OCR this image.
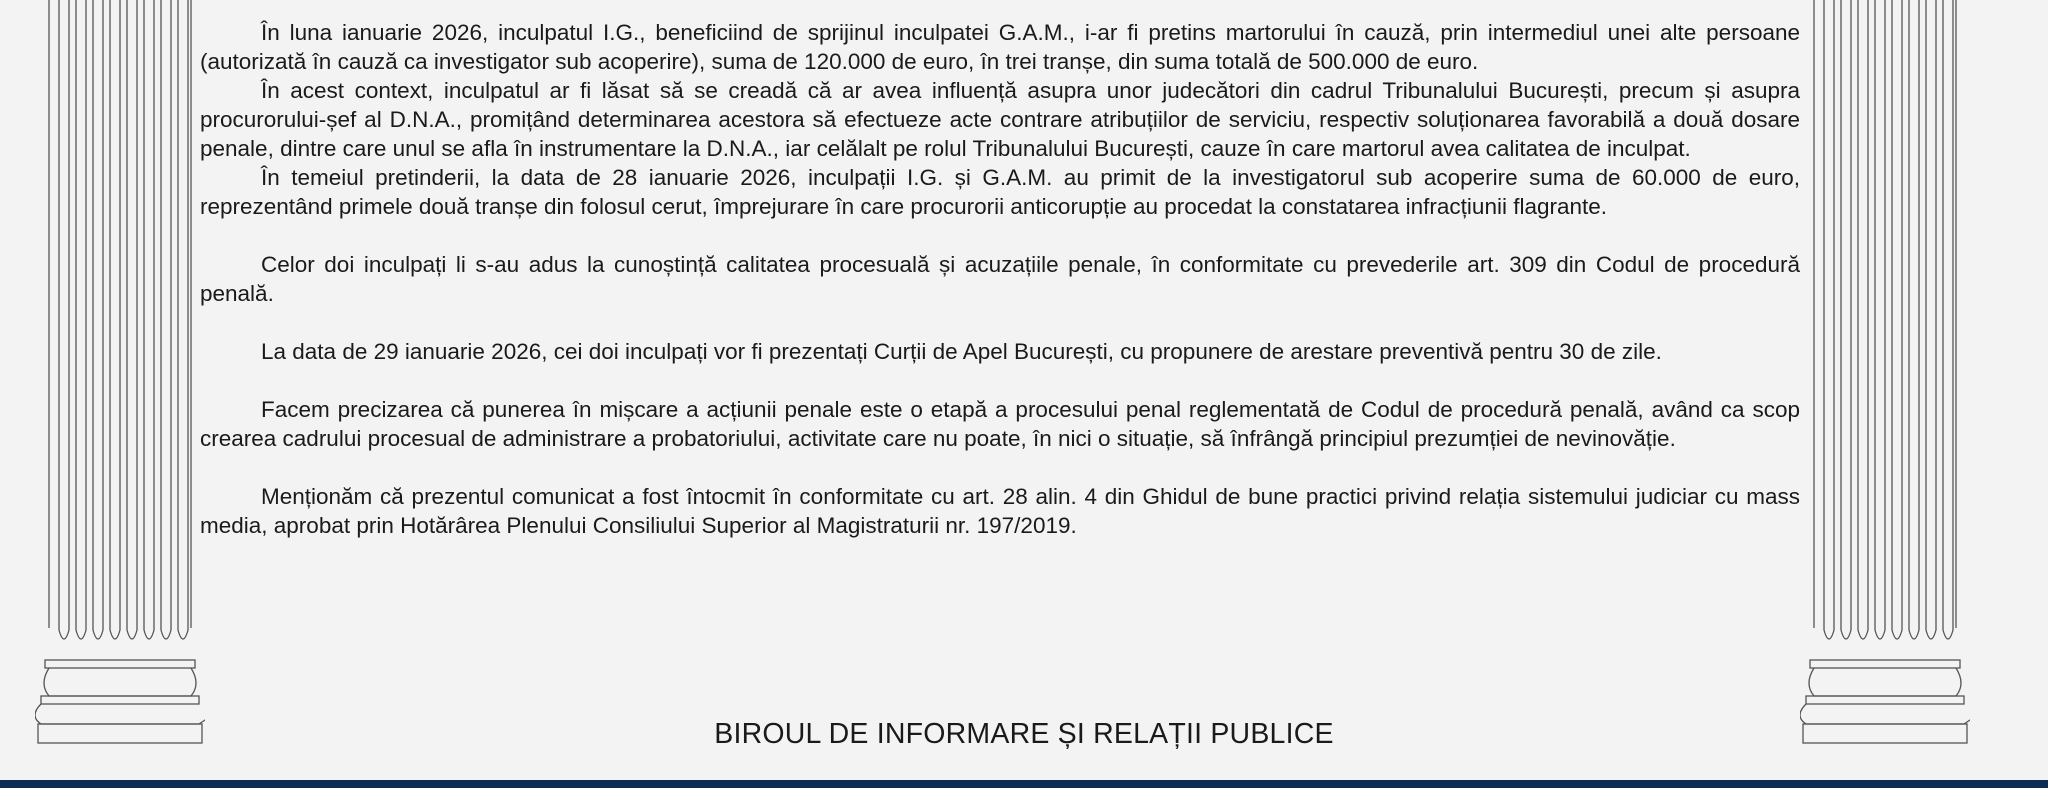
În luna ianuarie 2026, inculpatul I.G., beneficiind de sprijinul inculpatei G.A.M., i-ar fi pretins martorului în cauză, prin intermediul unei alte persoane (autorizată în cauză ca investigator sub acoperire), suma de 120.000 de euro, în trei tranșe, din suma totală de 500.000 de euro.

În acest context, inculpatul ar fi lăsat să se creadă că ar avea influență asupra unor judecători din cadrul Tribunalului București, precum și asupra procurorului-șef al D.N.A., promițând determinarea acestora să efectueze acte contrare atribuțiilor de serviciu, respectiv soluționarea favorabilă a două dosare penale, dintre care unul se afla în instrumentare la D.N.A., iar celălalt pe rolul Tribunalului București, cauze în care martorul avea calitatea de inculpat.

În temeiul pretinderii, la data de 28 ianuarie 2026, inculpații I.G. și G.A.M. au primit de la investigatorul sub acoperire suma de 60.000 de euro, reprezentând primele două tranșe din folosul cerut, împrejurare în care procurorii anticorupție au procedat la constatarea infracțiunii flagrante.

Celor doi inculpați li s-au adus la cunoștință calitatea procesuală și acuzațiile penale, în conformitate cu prevederile art. 309 din Codul de procedură penală.

La data de 29 ianuarie 2026, cei doi inculpați vor fi prezentați Curții de Apel București, cu propunere de arestare preventivă pentru 30 de zile.

Facem precizarea că punerea în mișcare a acțiunii penale este o etapă a procesului penal reglementată de Codul de procedură penală, având ca scop crearea cadrului procesual de administrare a probatoriului, activitate care nu poate, în nici o situație, să înfrângă principiul prezumției de nevinovăție.

Menționăm că prezentul comunicat a fost întocmit în conformitate cu art. 28 alin. 4 din Ghidul de bune practici privind relația sistemului judiciar cu mass media, aprobat prin Hotărârea Plenului Consiliului Superior al Magistraturii nr. 197/2019.

BIROUL DE INFORMARE ȘI RELAȚII PUBLICE
